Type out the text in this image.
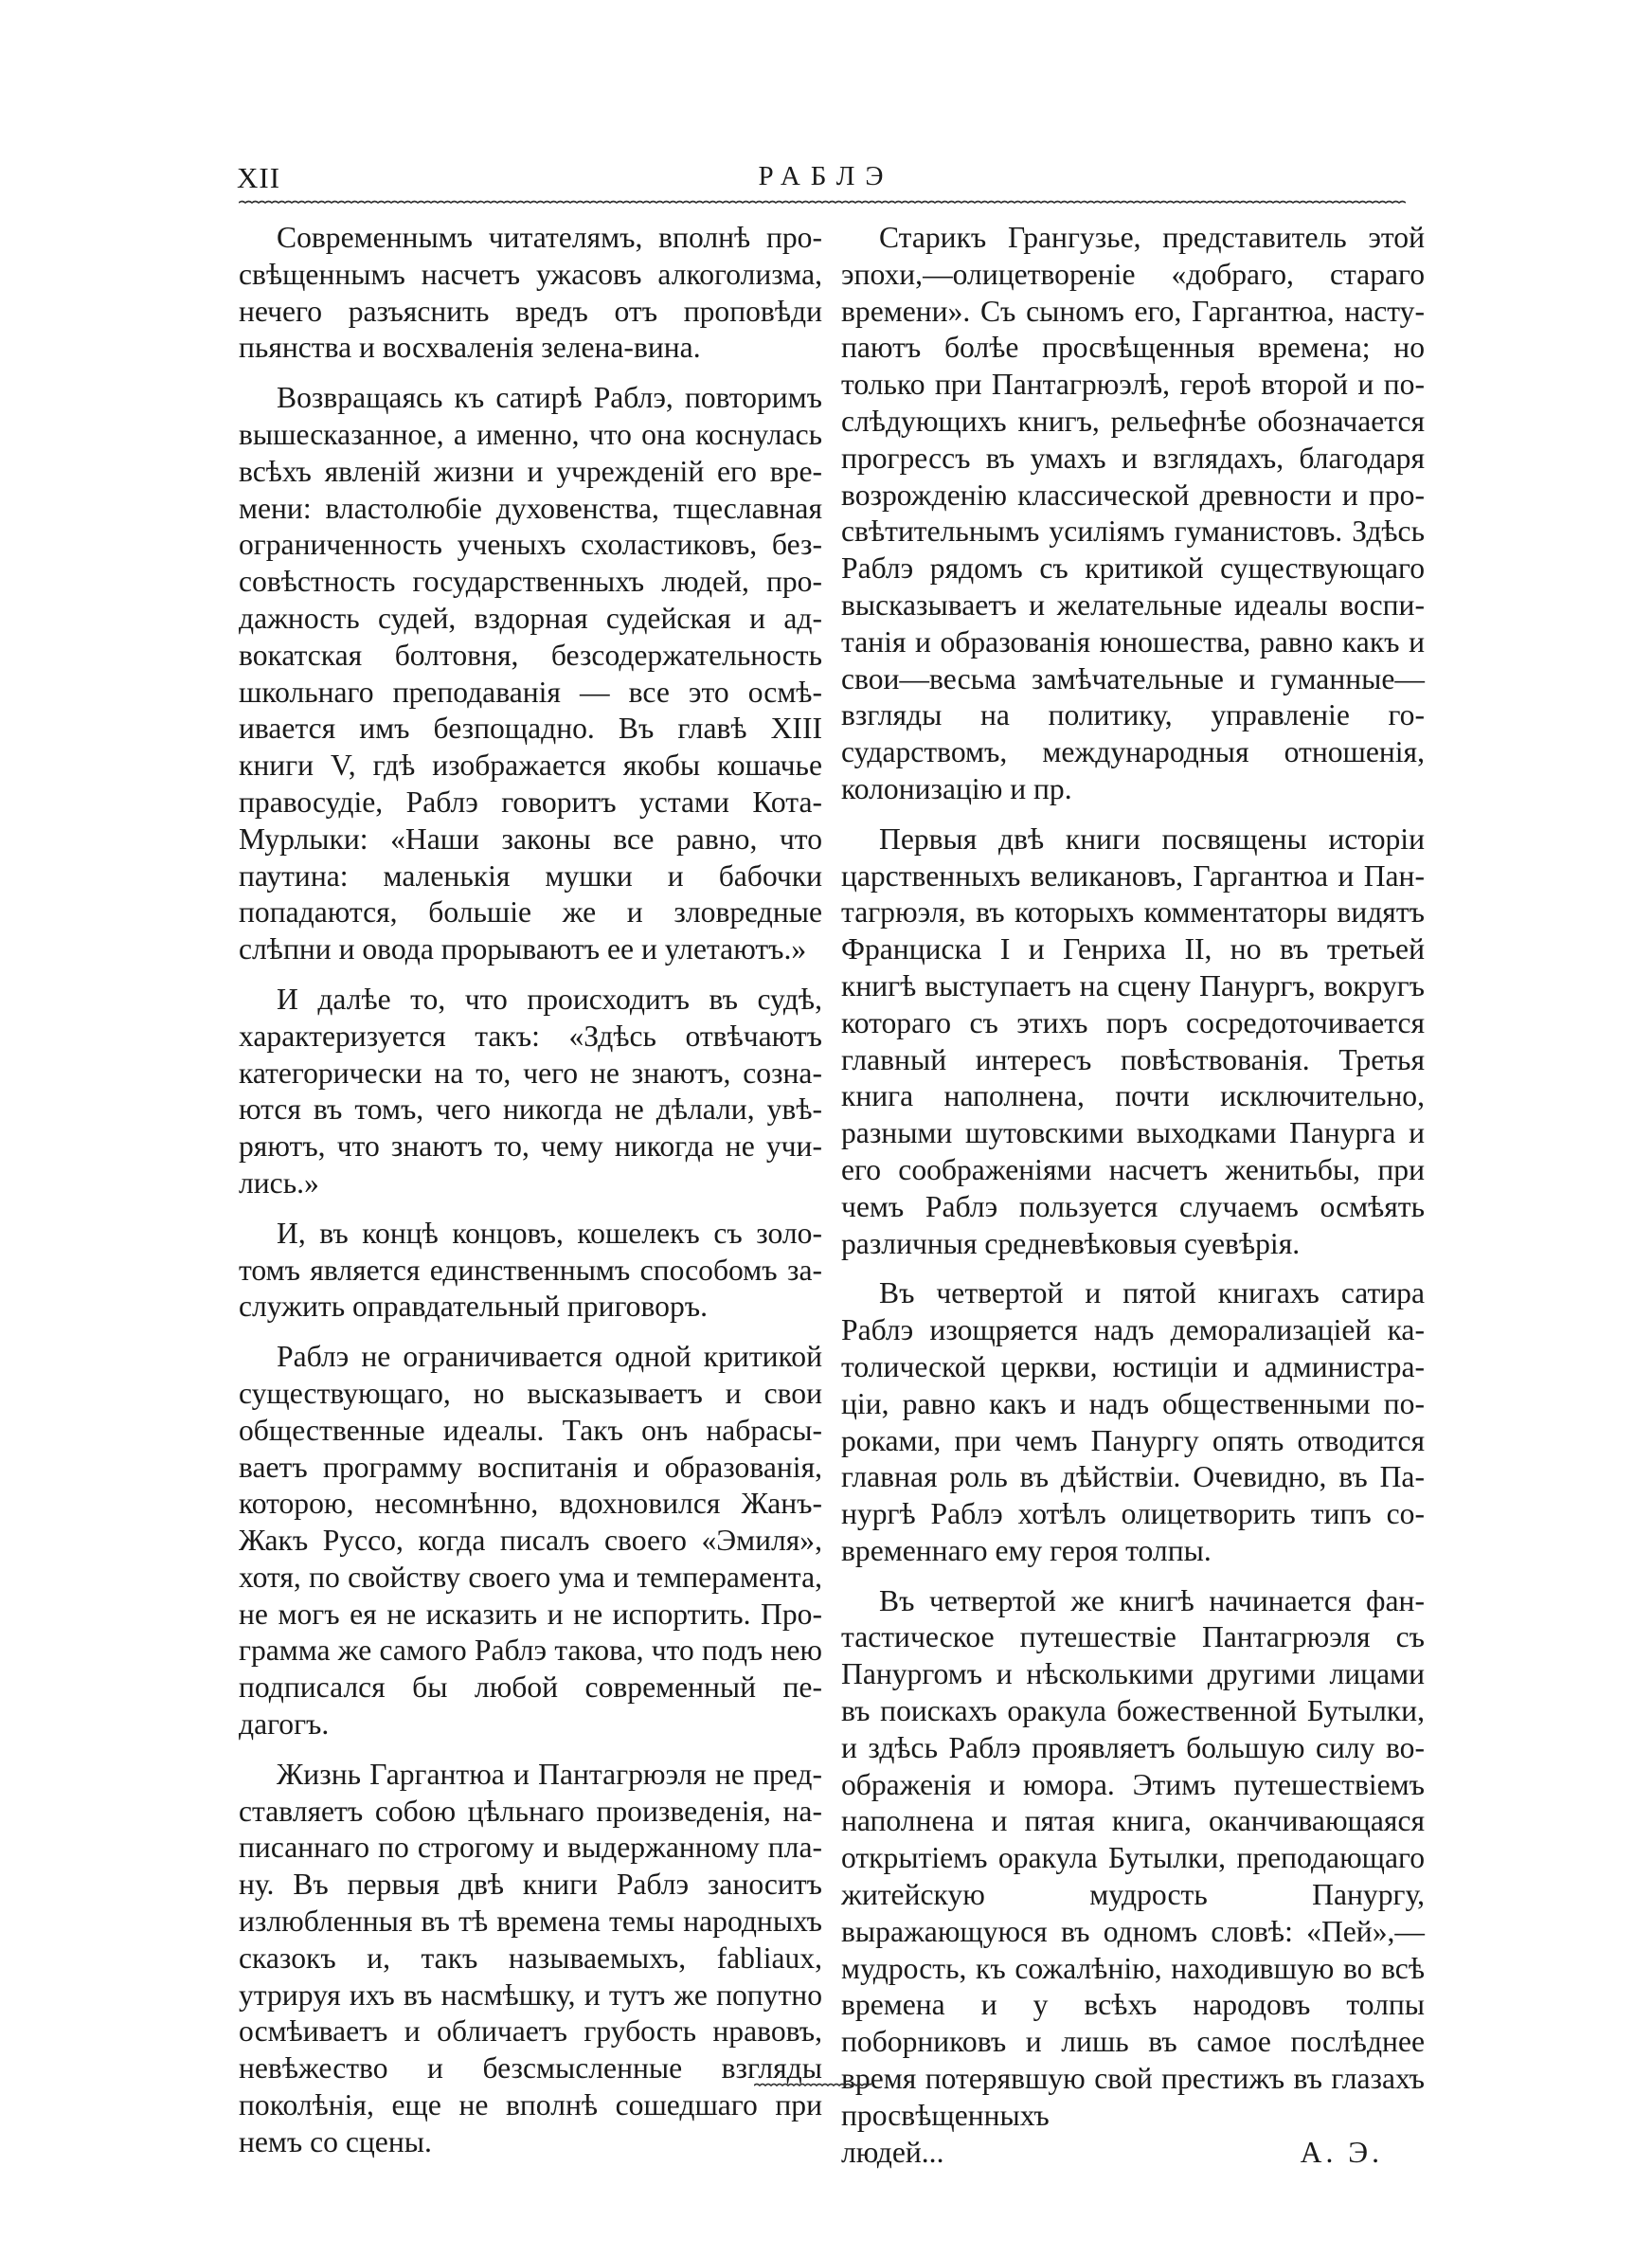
XII	РАБЛЭ

Современнымъ читателямъ, вполнѣ просвѣщеннымъ насчетъ ужасовъ алкоголизма, нечего разъяснить вредъ отъ проповѣди пьянства и восхваленія зелена-вина.

Возвращаясь къ сатирѣ Раблэ, повторимъ вышесказанное, а именно, что она коснулась всѣхъ явленій жизни и учрежденій его времени: властолюбіе духовенства, тщеславная ограниченность ученыхъ схоластиковъ, безсовѣстность государственныхъ людей, продажность судей, вздорная судейская и адвокатская болтовня, безсодержательность школьнаго преподаванія — все это осмѣивается имъ безпощадно. Въ главѣ XIII книги V, гдѣ изображается якобы кошачье правосудіе, Раблэ говоритъ устами Кота-Мурлыки: «Наши законы все равно, что паутина: маленькія мушки и бабочки попадаются, большіе же и зловредные слѣпни и овода прорываютъ ее и улетаютъ.»

И далѣе то, что происходитъ въ судѣ, характеризуется такъ: «Здѣсь отвѣчаютъ категорически на то, чего не знаютъ, сознаются въ томъ, чего никогда не дѣлали, увѣряютъ, что знаютъ то, чему никогда не учились.»

И, въ концѣ концовъ, кошелекъ съ золотомъ является единственнымъ способомъ заслужить оправдательный приговоръ.

Раблэ не ограничивается одной критикой существующаго, но высказываетъ и свои общественные идеалы. Такъ онъ набрасываетъ программу воспитанія и образованія, которою, несомнѣнно, вдохновился Жанъ-Жакъ Руссо, когда писалъ своего «Эмиля», хотя, по свойству своего ума и темперамента, не могъ ея не исказить и не испортить. Программа же самого Раблэ такова, что подъ нею подписался бы любой современный педагогъ.

Жизнь Гаргантюа и Пантагрюэля не представляетъ собою цѣльнаго произведенія, написаннаго по строгому и выдержанному плану. Въ первыя двѣ книги Раблэ заноситъ излюбленныя въ тѣ времена темы народныхъ сказокъ и, такъ называемыхъ, fabliaux, утрируя ихъ въ насмѣшку, и тутъ же попутно осмѣиваетъ и обличаетъ грубость нравовъ, невѣжество и безсмысленные взгляды поколѣнія, еще не вполнѣ сошедшаго при немъ со сцены.

Старикъ Грангузье, представитель этой эпохи,—олицетвореніе «добраго, стараго времени». Съ сыномъ его, Гаргантюа, наступаютъ болѣе просвѣщенныя времена; но только при Пантагрюэлѣ, героѣ второй и послѣдующихъ книгъ, рельефнѣе обозначается прогрессъ въ умахъ и взглядахъ, благодаря возрожденію классической древности и просвѣтительнымъ усиліямъ гуманистовъ. Здѣсь Раблэ рядомъ съ критикой существующаго высказываетъ и желательные идеалы воспитанія и образованія юношества, равно какъ и свои—весьма замѣчательные и гуманные—взгляды на политику, управленіе государствомъ, международныя отношенія, колонизацію и пр.

Первыя двѣ книги посвящены исторіи царственныхъ великановъ, Гаргантюа и Пантагрюэля, въ которыхъ комментаторы видятъ Франциска I и Генриха II, но въ третьей книгѣ выступаетъ на сцену Панургъ, вокругъ котораго съ этихъ поръ сосредоточивается главный интересъ повѣствованія. Третья книга наполнена, почти исключительно, разными шутовскими выходками Панурга и его соображеніями насчетъ женитьбы, при чемъ Раблэ пользуется случаемъ осмѣять различныя средневѣковыя суевѣрія.

Въ четвертой и пятой книгахъ сатира Раблэ изощряется надъ деморализаціей католической церкви, юстиціи и администраціи, равно какъ и надъ общественными пороками, при чемъ Панургу опять отводится главная роль въ дѣйствіи. Очевидно, въ Панургѣ Раблэ хотѣлъ олицетворить типъ современнаго ему героя толпы.

Въ четвертой же книгѣ начинается фантастическое путешествіе Пантагрюэля съ Панургомъ и нѣсколькими другими лицами въ поискахъ оракула божественной Бутылки, и здѣсь Раблэ проявляетъ большую силу воображенія и юмора. Этимъ путешествіемъ наполнена и пятая книга, оканчивающаяся открытіемъ оракула Бутылки, преподающаго житейскую мудрость Панургу, выражающуюся въ одномъ словѣ: «Пей»,—мудрость, къ сожалѣнію, находившую во всѣ времена и у всѣхъ народовъ толпы поборниковъ и лишь въ самое послѣднее время потерявшую свой престижъ въ глазахъ просвѣщенныхъ

людей...	А. Э.
